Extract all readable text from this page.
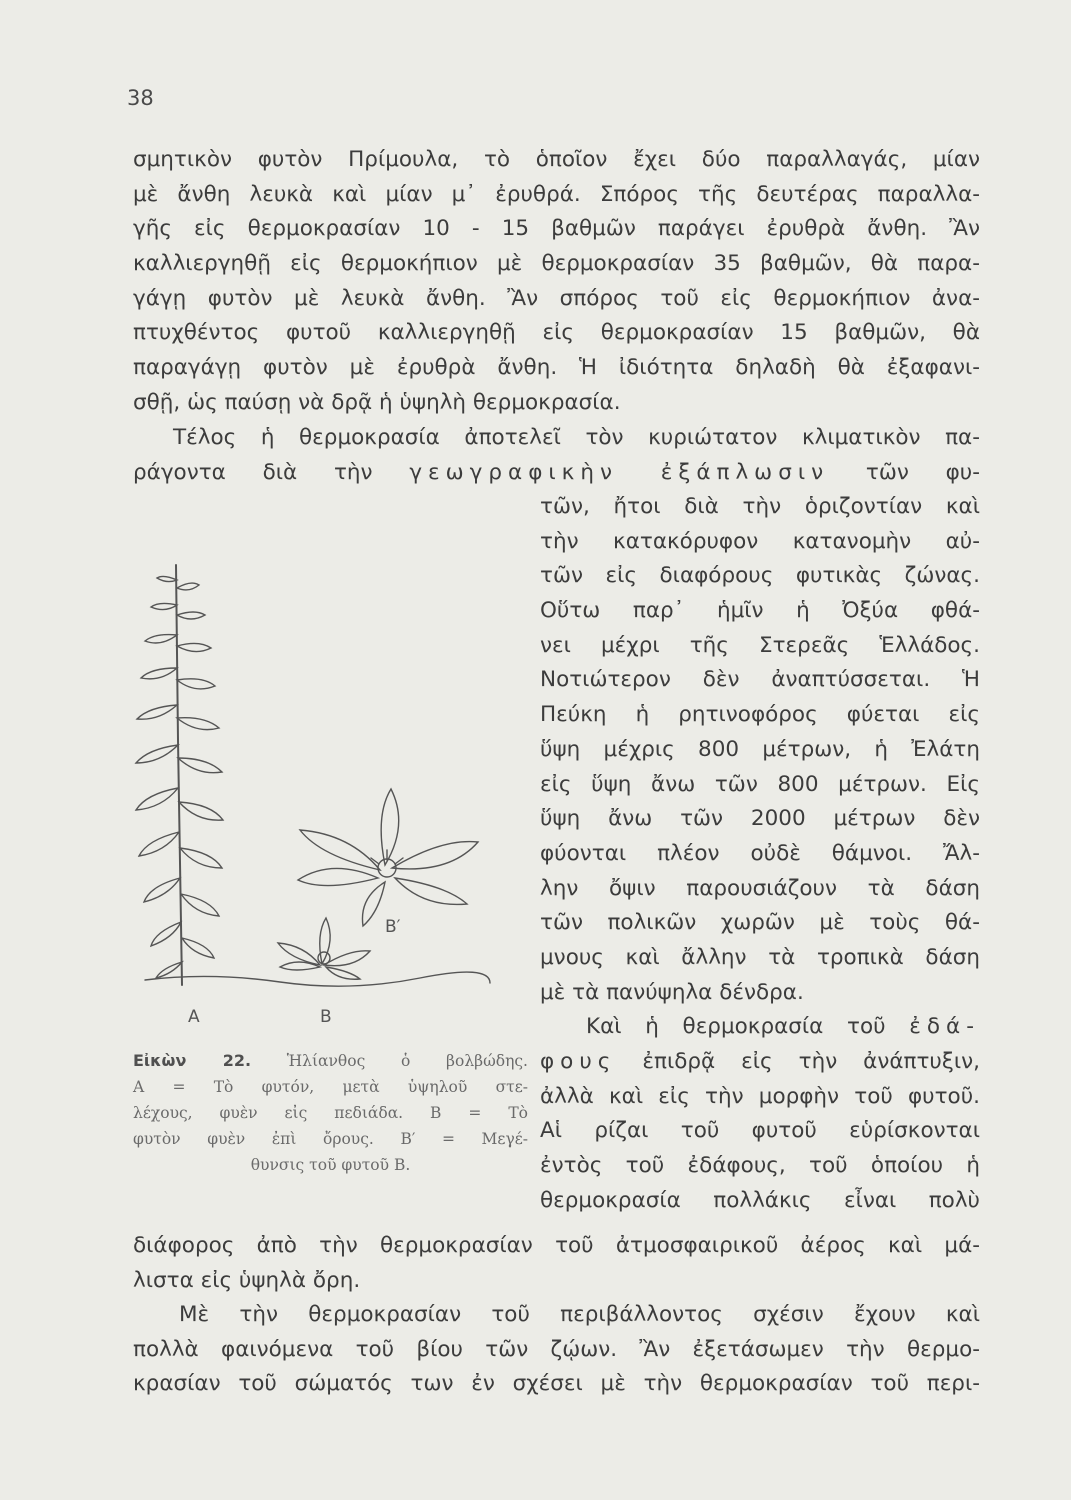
38
σμητικὸν φυτὸν Πρίμουλα, τὸ ὁποῖον ἔχει δύο παραλλαγάς, μίαν
μὲ ἄνθη λευκὰ καὶ μίαν μ᾽ ἐρυθρά. Σπόρος τῆς δευτέρας παραλλα-
γῆς εἰς θερμοκρασίαν 10 - 15 βαθμῶν παράγει ἐρυθρὰ ἄνθη. Ἂν
καλλιεργηθῇ εἰς θερμοκήπιον μὲ θερμοκρασίαν 35 βαθμῶν, θὰ παρα-
γάγῃ φυτὸν μὲ λευκὰ ἄνθη. Ἂν σπόρος τοῦ εἰς θερμοκήπιον ἀνα-
πτυχθέντος φυτοῦ καλλιεργηθῇ εἰς θερμοκρασίαν 15 βαθμῶν, θὰ
παραγάγῃ φυτὸν μὲ ἐρυθρὰ ἄνθη. Ἡ ἰδιότητα δηλαδὴ θὰ ἐξαφανι-
σθῇ, ὡς παύσῃ νὰ δρᾷ ἡ ὑψηλὴ θερμοκρασία.
Τέλος ἡ θερμοκρασία ἀποτελεῖ τὸν κυριώτατον κλιματικὸν πα-
ράγοντα διὰ τὴν γεωγραφικὴν ἐξάπλωσιν τῶν φυ-
τῶν, ἤτοι διὰ τὴν ὁριζοντίαν καὶ
τὴν κατακόρυφον κατανομὴν αὐ-
τῶν εἰς διαφόρους φυτικὰς ζώνας.
Οὕτω παρ᾽ ἡμῖν ἡ Ὀξύα φθά-
νει μέχρι τῆς Στερεᾶς Ἑλλάδος.
Νοτιώτερον δὲν ἀναπτύσσεται. Ἡ
Πεύκη ἡ ρητινοφόρος φύεται εἰς
ὕψη μέχρις 800 μέτρων, ἡ Ἐλάτη
εἰς ὕψη ἄνω τῶν 800 μέτρων. Εἰς
ὕψη ἄνω τῶν 2000 μέτρων δὲν
φύονται πλέον οὐδὲ θάμνοι. Ἄλ-
λην ὄψιν παρουσιάζουν τὰ δάση
τῶν πολικῶν χωρῶν μὲ τοὺς θά-
μνους καὶ ἄλλην τὰ τροπικὰ δάση
μὲ τὰ πανύψηλα δένδρα.
Καὶ ἡ θερμοκρασία τοῦ ἐδά-
φους ἐπιδρᾷ εἰς τὴν ἀνάπτυξιν,
ἀλλὰ καὶ εἰς τὴν μορφὴν τοῦ φυτοῦ.
Αἱ ρίζαι τοῦ φυτοῦ εὑρίσκονται
ἐντὸς τοῦ ἐδάφους, τοῦ ὁποίου ἡ
θερμοκρασία πολλάκις εἶναι πολὺ
διάφορος ἀπὸ τὴν θερμοκρασίαν τοῦ ἀτμοσφαιρικοῦ ἀέρος καὶ μά-
λιστα εἰς ὑψηλὰ ὄρη.
Μὲ τὴν θερμοκρασίαν τοῦ περιβάλλοντος σχέσιν ἔχουν καὶ
πολλὰ φαινόμενα τοῦ βίου τῶν ζῴων. Ἂν ἐξετάσωμεν τὴν θερμο-
κρασίαν τοῦ σώματός των ἐν σχέσει μὲ τὴν θερμοκρασίαν τοῦ περι-
A	B
B′
Εἰκὼν 22. Ἡλίανθος ὁ βολβώδης.
Α = Τὸ φυτόν, μετὰ ὑψηλοῦ στε-
λέχους, φυὲν εἰς πεδιάδα. Β = Τὸ
φυτὸν φυὲν ἐπὶ ὄρους. Β′ = Μεγέ-
θυνσις τοῦ φυτοῦ Β.
